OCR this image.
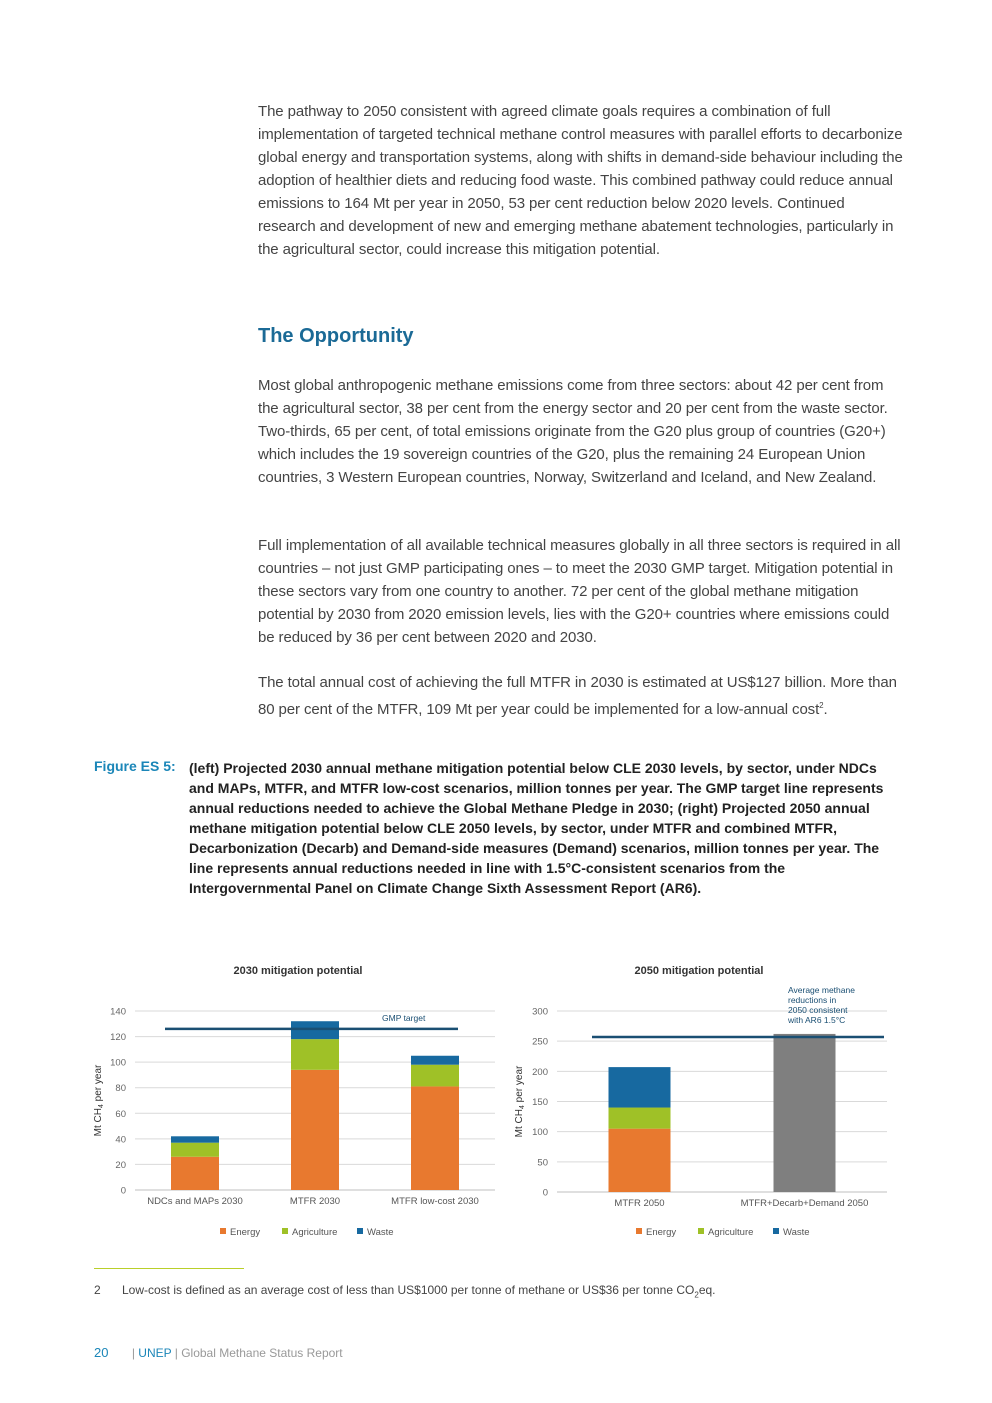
The pathway to 2050 consistent with agreed climate goals requires a combination of full implementation of targeted technical methane control measures with parallel efforts to decarbonize global energy and transportation systems, along with shifts in demand-side behaviour including the adoption of healthier diets and reducing food waste. This combined pathway could reduce annual emissions to 164 Mt per year in 2050, 53 per cent reduction below 2020 levels. Continued research and development of new and emerging methane abatement technologies, particularly in the agricultural sector, could increase this mitigation potential.

The Opportunity

Most global anthropogenic methane emissions come from three sectors: about 42 per cent from the agricultural sector, 38 per cent from the energy sector and 20 per cent from the waste sector. Two-thirds, 65 per cent, of total emissions originate from the G20 plus group of countries (G20+) which includes the 19 sovereign countries of the G20, plus the remaining 24 European Union countries, 3 Western European countries, Norway, Switzerland and Iceland, and New Zealand.

Full implementation of all available technical measures globally in all three sectors is required in all countries – not just GMP participating ones – to meet the 2030 GMP target. Mitigation potential in these sectors vary from one country to another. 72 per cent of the global methane mitigation potential by 2030 from 2020 emission levels, lies with the G20+ countries where emissions could be reduced by 36 per cent between 2020 and 2030.

The total annual cost of achieving the full MTFR in 2030 is estimated at US$127 billion. More than 80 per cent of the MTFR, 109 Mt per year could be implemented for a low-annual cost$^2$.

Figure ES 5: (left) Projected 2030 annual methane mitigation potential below CLE 2030 levels, by sector, under NDCs and MAPs, MTFR, and MTFR low-cost scenarios, million tonnes per year. The GMP target line represents annual reductions needed to achieve the Global Methane Pledge in 2030; (right) Projected 2050 annual methane mitigation potential below CLE 2050 levels, by sector, under MTFR and combined MTFR, Decarbonization (Decarb) and Demand-side measures (Demand) scenarios, million tonnes per year. The line represents annual reductions needed in line with 1.5°C-consistent scenarios from the Intergovernmental Panel on Climate Change Sixth Assessment Report (AR6).
2030 mitigation potential
0
20
40
60
80
100
120
140
Mt $CH_4$ per year
NDCs and MAPs 2030	MTFR 2030	MTFR low-cost 2030
GMP target
Energy	Agriculture	Waste
2050 mitigation potential
0
50
100
150
200
250
300
Mt $CH_4$ per year
MTFR 2050	MTFR+Decarb+Demand 2050
Average methane
reductions in
2050 consistent
with AR6 1.5°C
Energy	Agriculture	Waste
2 Low-cost is defined as an average cost of less than US$1000 per tonne of methane or US$36 per tonne $CO_2eq$.
20 | UNEP | Global Methane Status Report
